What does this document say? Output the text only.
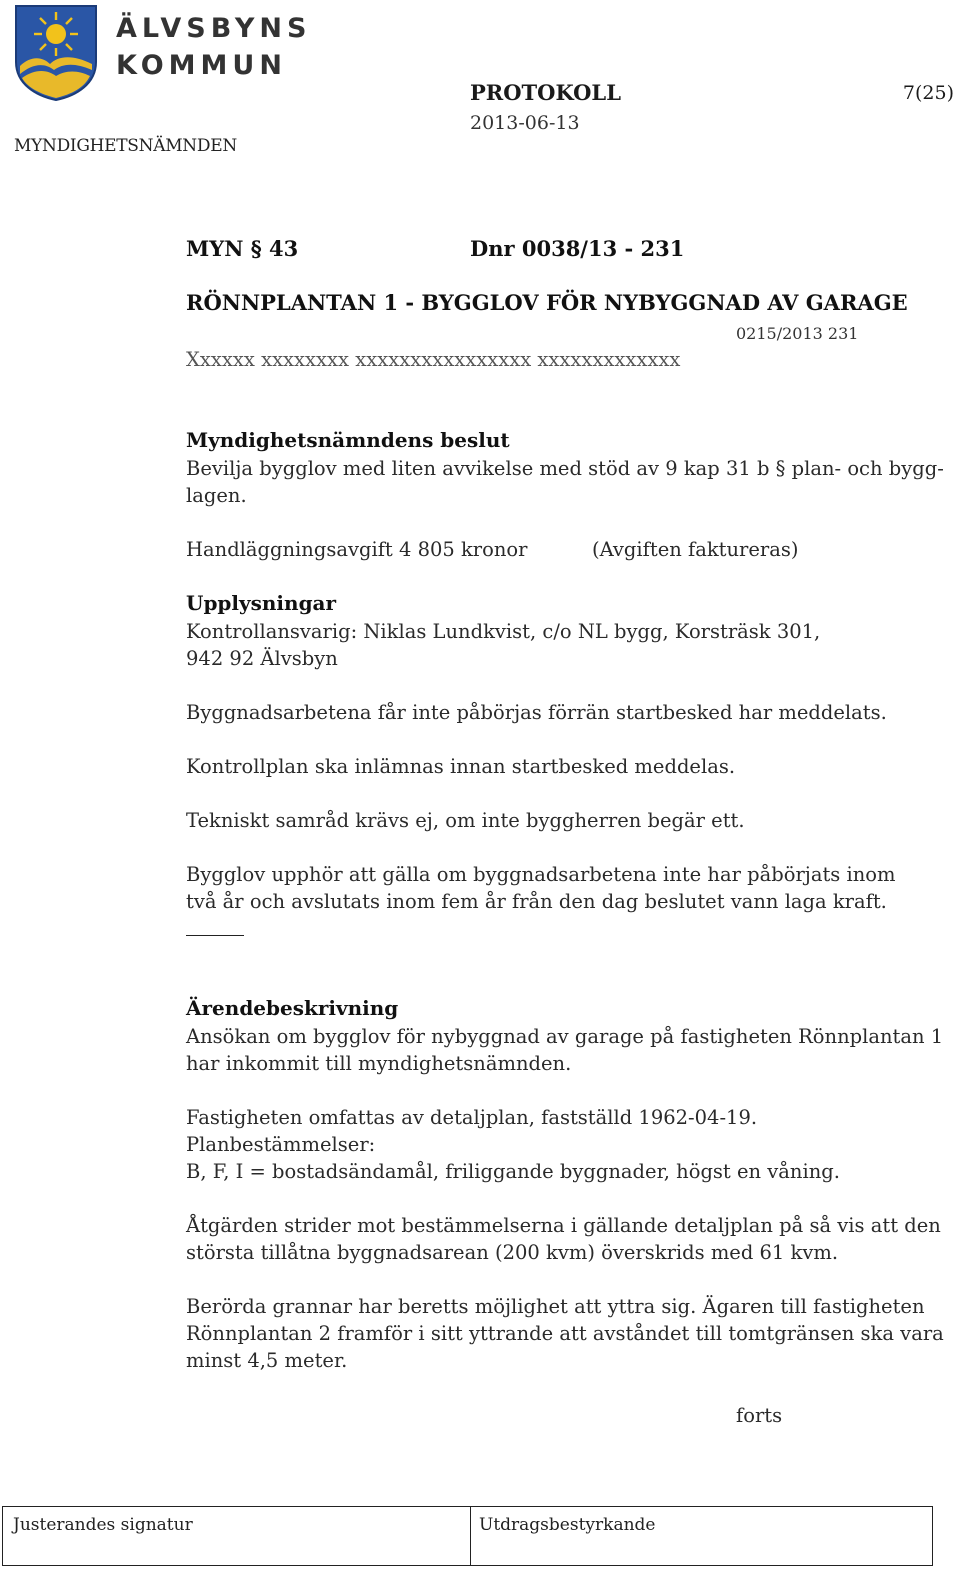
ÄLVSBYNS
KOMMUN
MYNDIGHETSNÄMNDEN
PROTOKOLL
2013-06-13
7(25)
MYN § 43	Dnr 0038/13 - 231
RÖNNPLANTAN 1 - BYGGLOV FÖR NYBYGGNAD AV GARAGE
0215/2013 231
Xxxxxx xxxxxxxx xxxxxxxxxxxxxxxx xxxxxxxxxxxxx
Myndighetsnämndens beslut
Bevilja bygglov med liten avvikelse med stöd av 9 kap 31 b § plan- och bygg-
lagen.
Handläggningsavgift 4 805 kronor	(Avgiften faktureras)
Upplysningar
Kontrollansvarig: Niklas Lundkvist, c/o NL bygg, Korsträsk 301,
942 92 Älvsbyn
Byggnadsarbetena får inte påbörjas förrän startbesked har meddelats.
Kontrollplan ska inlämnas innan startbesked meddelas.
Tekniskt samråd krävs ej, om inte byggherren begär ett.
Bygglov upphör att gälla om byggnadsarbetena inte har påbörjats inom
två år och avslutats inom fem år från den dag beslutet vann laga kraft.
Ärendebeskrivning
Ansökan om bygglov för nybyggnad av garage på fastigheten Rönnplantan 1
har inkommit till myndighetsnämnden.
Fastigheten omfattas av detaljplan, fastställd 1962-04-19.
Planbestämmelser:
B, F, I = bostadsändamål, friliggande byggnader, högst en våning.
Åtgärden strider mot bestämmelserna i gällande detaljplan på så vis att den
största tillåtna byggnadsarean (200 kvm) överskrids med 61 kvm.
Berörda grannar har beretts möjlighet att yttra sig. Ägaren till fastigheten
Rönnplantan 2 framför i sitt yttrande att avståndet till tomtgränsen ska vara
minst 4,5 meter.
forts
Justerandes signatur	Utdragsbestyrkande
